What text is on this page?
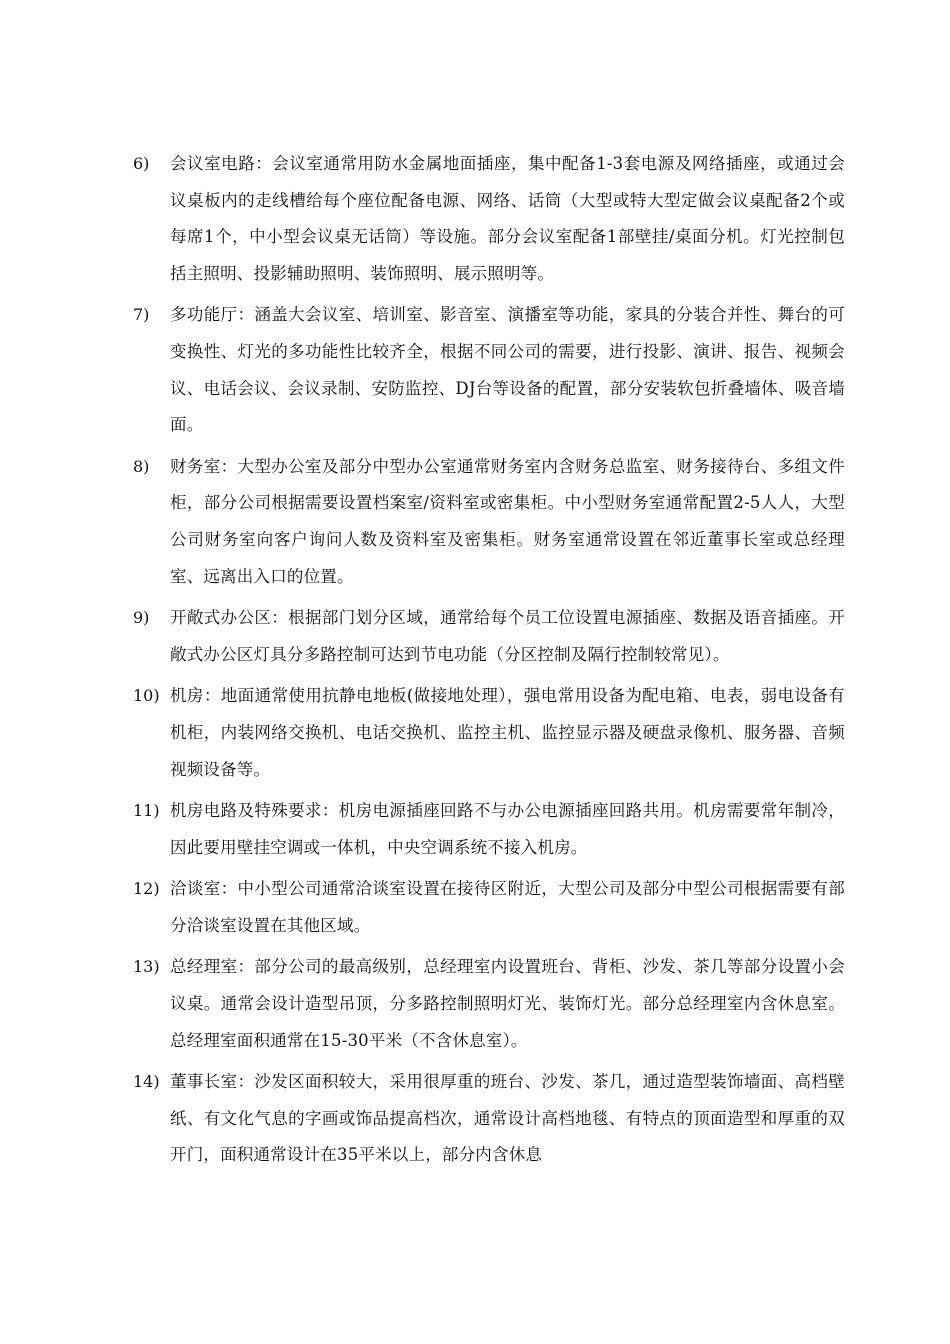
6)	会议室电路：会议室通常用防水金属地面插座，集中配备1-3套电源及网络插座，或通过会议桌板内的走线槽给每个座位配备电源、网络、话筒（大型或特大型定做会议桌配备2个或每席1个，中小型会议桌无话筒）等设施。部分会议室配备1部壁挂/桌面分机。灯光控制包括主照明、投影辅助照明、装饰照明、展示照明等。
7)	多功能厅：涵盖大会议室、培训室、影音室、演播室等功能，家具的分装合并性、舞台的可变换性、灯光的多功能性比较齐全，根据不同公司的需要，进行投影、演讲、报告、视频会议、电话会议、会议录制、安防监控、DJ台等设备的配置，部分安装软包折叠墙体、吸音墙面。
8)	财务室：大型办公室及部分中型办公室通常财务室内含财务总监室、财务接待台、多组文件柜，部分公司根据需要设置档案室/资料室或密集柜。中小型财务室通常配置2-5人人，大型公司财务室向客户询问人数及资料室及密集柜。财务室通常设置在邻近董事长室或总经理室、远离出入口的位置。
9)	开敞式办公区：根据部门划分区域，通常给每个员工位设置电源插座、数据及语音插座。开敞式办公区灯具分多路控制可达到节电功能（分区控制及隔行控制较常见）。
10) 机房：地面通常使用抗静电地板(做接地处理），强电常用设备为配电箱、电表，弱电设备有机柜，内装网络交换机、电话交换机、监控主机、监控显示器及硬盘录像机、服务器、音频视频设备等。
11) 机房电路及特殊要求：机房电源插座回路不与办公电源插座回路共用。机房需要常年制冷，因此要用壁挂空调或一体机，中央空调系统不接入机房。
12) 洽谈室：中小型公司通常洽谈室设置在接待区附近，大型公司及部分中型公司根据需要有部分洽谈室设置在其他区域。
13) 总经理室：部分公司的最高级别，总经理室内设置班台、背柜、沙发、茶几等部分设置小会议桌。通常会设计造型吊顶，分多路控制照明灯光、装饰灯光。部分总经理室内含休息室。总经理室面积通常在15-30平米（不含休息室）。
14) 董事长室：沙发区面积较大，采用很厚重的班台、沙发、茶几，通过造型装饰墙面、高档壁纸、有文化气息的字画或饰品提高档次，通常设计高档地毯、有特点的顶面造型和厚重的双开门，面积通常设计在35平米以上，部分内含休息
